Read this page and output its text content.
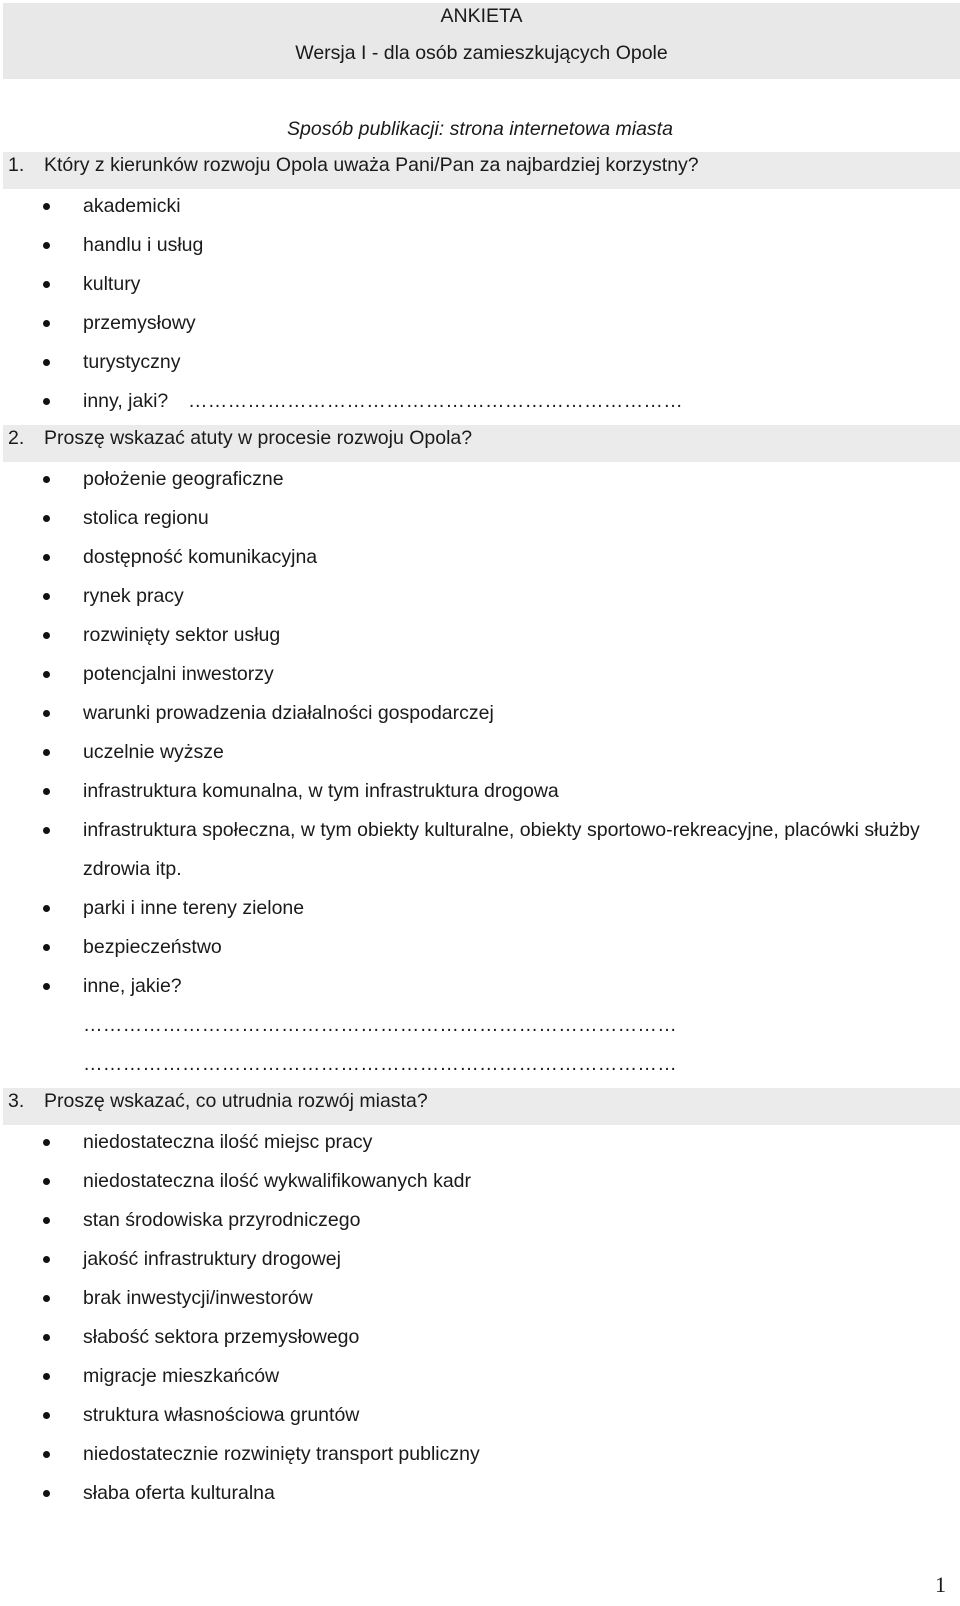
ANKIETA
Wersja I - dla osób zamieszkujących Opole
Sposób publikacji: strona internetowa miasta
1. Który z kierunków rozwoju Opola uważa Pani/Pan za najbardziej korzystny?
akademicki
handlu i usług
kultury
przemysłowy
turystyczny
inny, jaki? …………………………………………………………………
2. Proszę wskazać atuty w procesie rozwoju Opola?
położenie geograficzne
stolica regionu
dostępność komunikacyjna
rynek pracy
rozwinięty sektor usług
potencjalni inwestorzy
warunki prowadzenia działalności gospodarczej
uczelnie wyższe
infrastruktura komunalna, w tym infrastruktura drogowa
infrastruktura społeczna, w tym obiekty kulturalne, obiekty sportowo-rekreacyjne, placówki służby zdrowia itp.
parki i inne tereny zielone
bezpieczeństwo
inne, jakie?
………………………………………………………………………………
………………………………………………………………………………
3. Proszę wskazać, co utrudnia rozwój miasta?
niedostateczna ilość miejsc pracy
niedostateczna ilość wykwalifikowanych kadr
stan środowiska przyrodniczego
jakość infrastruktury drogowej
brak inwestycji/inwestorów
słabość sektora przemysłowego
migracje mieszkańców
struktura własnościowa gruntów
niedostatecznie rozwinięty transport publiczny
słaba oferta kulturalna
1
